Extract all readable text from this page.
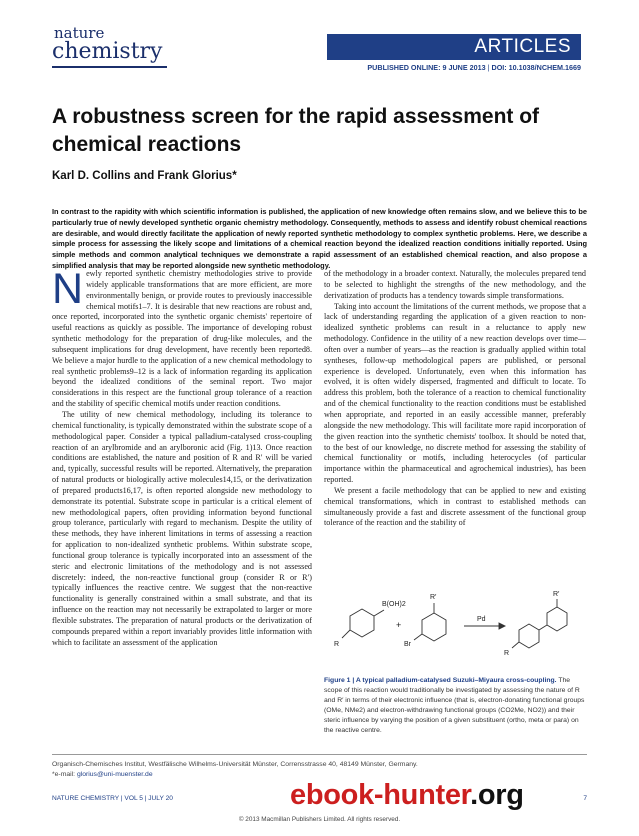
nature
chemistry	ARTICLES
PUBLISHED ONLINE: 9 JUNE 2013 | DOI: 10.1038/NCHEM.1669
A robustness screen for the rapid assessment of chemical reactions
Karl D. Collins and Frank Glorius*
In contrast to the rapidity with which scientific information is published, the application of new knowledge often remains slow, and we believe this to be particularly true of newly developed synthetic organic chemistry methodology. Consequently, methods to assess and identify robust chemical reactions are desirable, and would directly facilitate the application of newly reported synthetic methodology to complex synthetic problems. Here, we describe a simple process for assessing the likely scope and limitations of a chemical reaction beyond the idealized reaction conditions initially reported. Using simple methods and common analytical techniques we demonstrate a rapid assessment of an established chemical reaction, and also propose a simplified analysis that may be reported alongside new synthetic methodology.

Newly reported synthetic chemistry methodologies strive to provide widely applicable transformations that are more efficient, are more environmentally benign, or provide routes to previously inaccessible chemical motifs1–7. It is desirable that new reactions are robust and, once reported, incorporated into the synthetic organic chemists' repertoire of useful reactions as quickly as possible. The importance of developing robust synthetic methodology for the preparation of drug-like molecules, and the subsequent implications for drug development, have recently been reported8. We believe a major hurdle to the application of a new chemical methodology to real synthetic problems9–12 is a lack of information regarding its application beyond the idealized conditions of the seminal report. Two major considerations in this respect are the functional group tolerance of a reaction and the stability of specific chemical motifs under reaction conditions.

The utility of new chemical methodology, including its tolerance to chemical functionality, is typically demonstrated within the substrate scope of a methodological paper. Consider a typical palladium-catalysed cross-coupling reaction of an arylbromide and an arylboronic acid (Fig. 1)13. Once reaction conditions are established, the nature and position of R and R′ will be varied and, typically, successful results will be reported. Alternatively, the preparation of natural products or biologically active molecules14,15, or the derivatization of prepared products16,17, is often reported alongside new methodology to demonstrate its potential. Substrate scope in particular is a critical element of new methodological papers, often providing information beyond functional group tolerance, particularly with regard to mechanism. Despite the utility of these methods, they have inherent limitations in terms of assessing a reaction for application to non-idealized synthetic problems. Within substrate scope, functional group tolerance is typically incorporated into an assessment of the steric and electronic limitations of the methodology and is not assessed discretely: indeed, the non-reactive functional group (consider R or R′) typically influences the reactive centre. We suggest that the non-reactive functionality is generally constrained within a small substrate, and that its influence on the reaction may not necessarily be extrapolated to larger or more flexible substrates. The preparation of natural products or the derivatization of compounds prepared within a report invariably provides little information with which to facilitate an assessment of the application

of the methodology in a broader context. Naturally, the molecules prepared tend to be selected to highlight the strengths of the new methodology, and the derivatization of products has a tendency towards simple transformations.

Taking into account the limitations of the current methods, we propose that a lack of understanding regarding the application of a given reaction to non-idealized synthetic problems can result in a reluctance to apply new methodology. Confidence in the utility of a new reaction develops over time—often over a number of years—as the reaction is gradually applied within total syntheses, follow-up methodological papers are published, or personal experience is developed. Unfortunately, even when this information has evolved, it is often widely dispersed, fragmented and difficult to locate. To address this problem, both the tolerance of a reaction to chemical functionality and of the chemical functionality to the reaction conditions must be established when appropriate, and reported in an easily accessible manner, preferably alongside the new methodology. This will facilitate more rapid incorporation of the given reaction into the synthetic chemists' toolbox. It should be noted that, to the best of our knowledge, no discrete method for assessing the stability of chemical functionality or motifs, including heterocycles (of particular importance within the pharmaceutical and agrochemical industries), has been reported.

We present a facile methodology that can be applied to new and existing chemical transformations, which in contrast to established methods can simultaneously provide a fast and discrete assessment of the functional group tolerance of the reaction and the stability of

B(OH)2
R
+
R′
Br
Pd
R
R′
Figure 1 | A typical palladium-catalysed Suzuki–Miyaura cross-coupling. The scope of this reaction would traditionally be investigated by assessing the nature of R and R′ in terms of their electronic influence (that is, electron-donating functional groups (OMe, NMe2) and electron-withdrawing functional groups (CO2Me, NO2)) and their steric influence by varying the position of a given substituent (ortho, meta or para) on the reactive centre.
Organisch-Chemisches Institut, Westfälische Wilhelms-Universität Münster, Corrensstrasse 40, 48149 Münster, Germany.
*e-mail: glorius@uni-muenster.de
NATURE CHEMISTRY | VOL 5 | JULY 20	7
ebook-hunter.org
© 2013 Macmillan Publishers Limited. All rights reserved.
